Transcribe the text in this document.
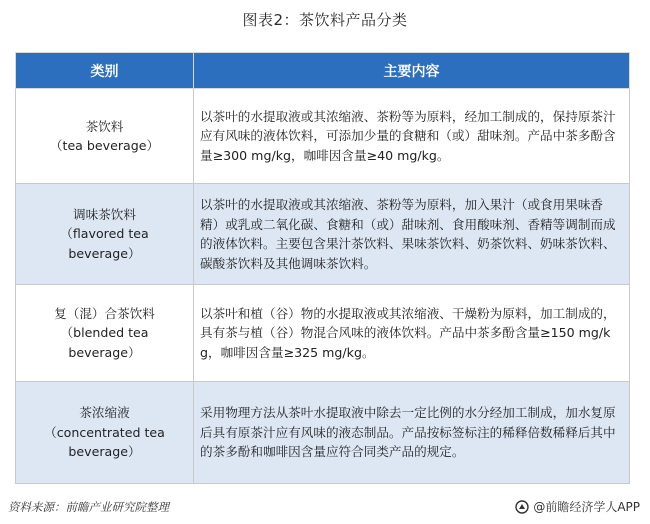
图表2：茶饮料产品分类
类别	主要内容

茶饮料
（tea beverage）	以茶叶的水提取液或其浓缩液、茶粉等为原料，经加工制成的，保持原茶汁应有风味的液体饮料，可添加少量的食糖和（或）甜味剂。产品中茶多酚含量≥300 mg/kg，咖啡因含量≥40 mg/kg。

调味茶饮料
（flavored tea
beverage）	以茶叶的水提取液或其浓缩液、茶粉等为原料，加入果汁（或食用果味香精）或乳或二氧化碳、食糖和（或）甜味剂、食用酸味剂、香精等调制而成的液体饮料。主要包含果汁茶饮料、果味茶饮料、奶茶饮料、奶味茶饮料、碳酸茶饮料及其他调味茶饮料。

复（混）合茶饮料
（blended tea
beverage）	以茶叶和植（谷）物的水提取液或其浓缩液、干燥粉为原料，加工制成的，具有茶与植（谷）物混合风味的液体饮料。产品中茶多酚含量≥150 mg/kg，咖啡因含量≥325 mg/kg。

茶浓缩液
（concentrated tea
beverage）	采用物理方法从茶叶水提取液中除去一定比例的水分经加工制成，加水复原后具有原茶汁应有风味的液态制品。产品按标签标注的稀释倍数稀释后其中的茶多酚和咖啡因含量应符合同类产品的规定。
资料来源：前瞻产业研究院整理	@前瞻经济学人APP
